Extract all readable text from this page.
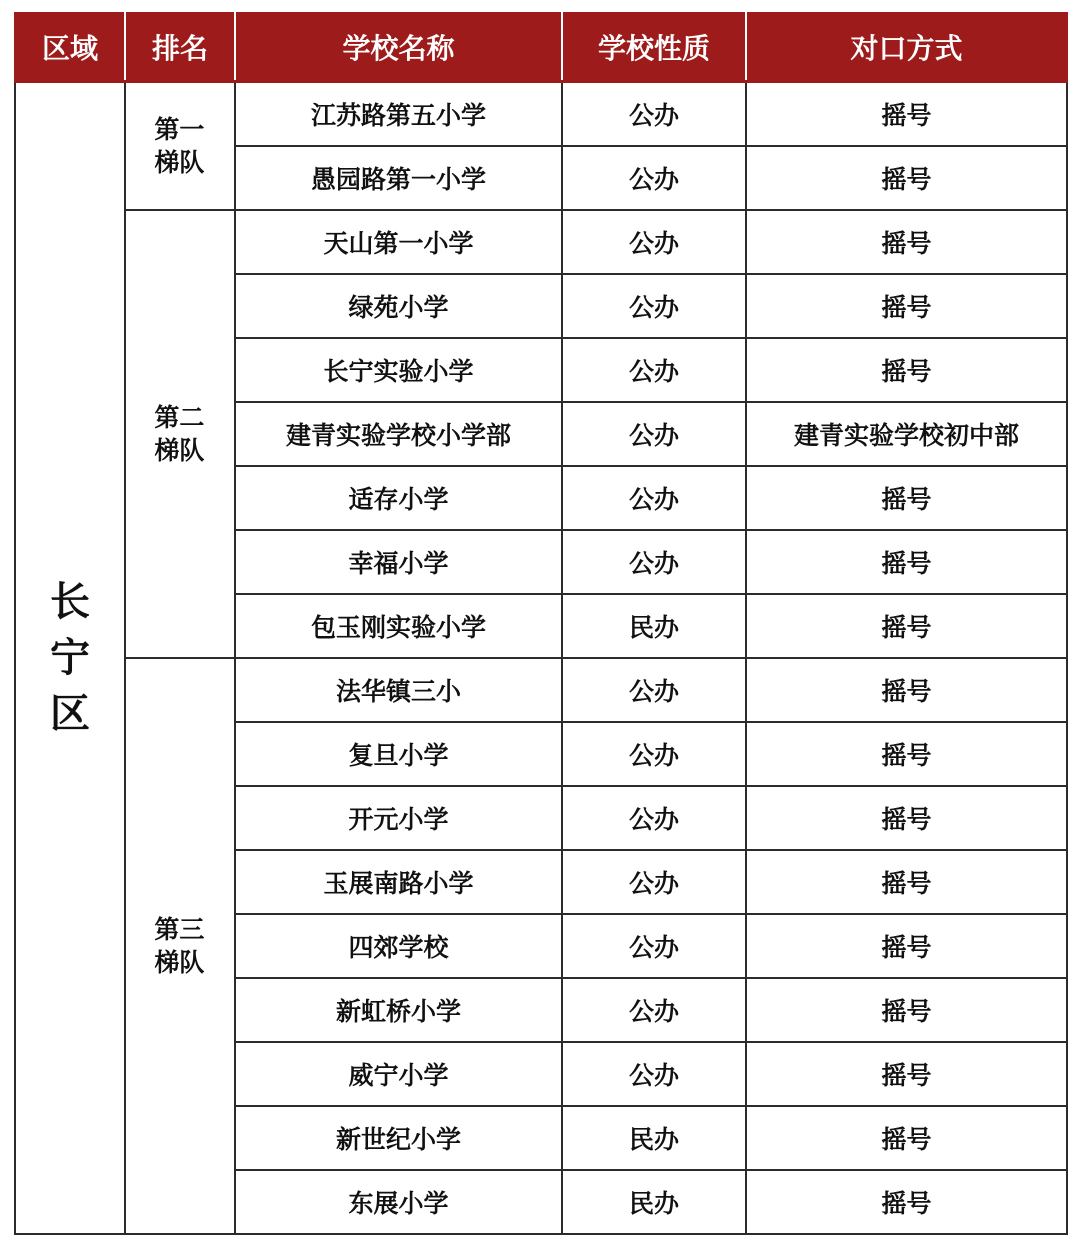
区域	排名	学校名称	学校性质	对口方式
长宁区	第一梯队	江苏路第五小学	公办	摇号
		愚园路第一小学	公办	摇号
	第二梯队	天山第一小学	公办	摇号
		绿苑小学	公办	摇号
		长宁实验小学	公办	摇号
		建青实验学校小学部	公办	建青实验学校初中部
		适存小学	公办	摇号
		幸福小学	公办	摇号
		包玉刚实验小学	民办	摇号
	第三梯队	法华镇三小	公办	摇号
		复旦小学	公办	摇号
		开元小学	公办	摇号
		玉展南路小学	公办	摇号
		四郊学校	公办	摇号
		新虹桥小学	公办	摇号
		威宁小学	公办	摇号
		新世纪小学	民办	摇号
		东展小学	民办	摇号
